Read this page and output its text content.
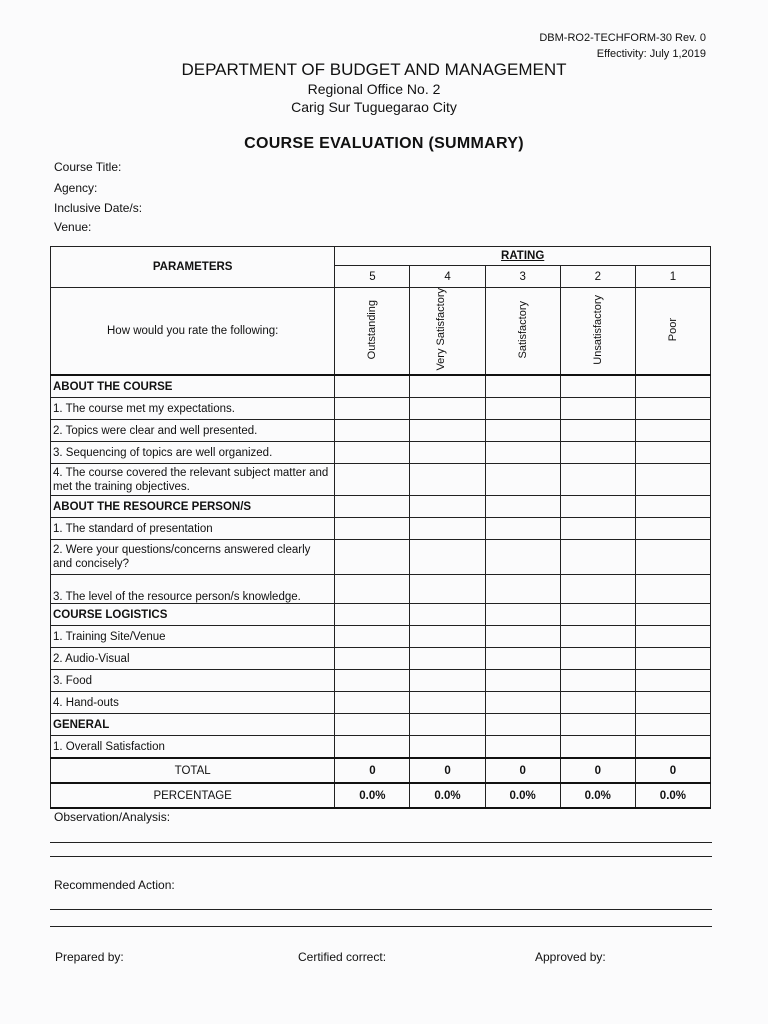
DBM-RO2-TECHFORM-30 Rev. 0
Effectivity: July 1,2019
DEPARTMENT OF BUDGET AND MANAGEMENT
Regional Office No. 2
Carig Sur Tuguegarao City
COURSE EVALUATION (SUMMARY)
Course Title:
Agency:
Inclusive Date/s:
Venue:
PARAMETERS	RATING				
	5	4	3	2	1
How would you rate the following:	Outstanding	Very Satisfactory	Satisfactory	Unsatisfactory	Poor
ABOUT THE COURSE					
1. The course met my expectations.					
2. Topics were clear and well presented.					
3. Sequencing of topics are well organized.					
4. The course covered the relevant subject matter and met the training objectives.					
ABOUT THE RESOURCE PERSON/S					
1. The standard of presentation					
2. Were your questions/concerns answered clearly and concisely?					
3. The level of the resource person/s knowledge.					
COURSE LOGISTICS					
1. Training Site/Venue					
2. Audio-Visual					
3. Food					
4. Hand-outs					
GENERAL					
1. Overall Satisfaction					
TOTAL	0	0	0	0	0
PERCENTAGE	0.0%	0.0%	0.0%	0.0%	0.0%
Observation/Analysis:
Recommended Action:
Prepared by:	Certified correct:	Approved by:
